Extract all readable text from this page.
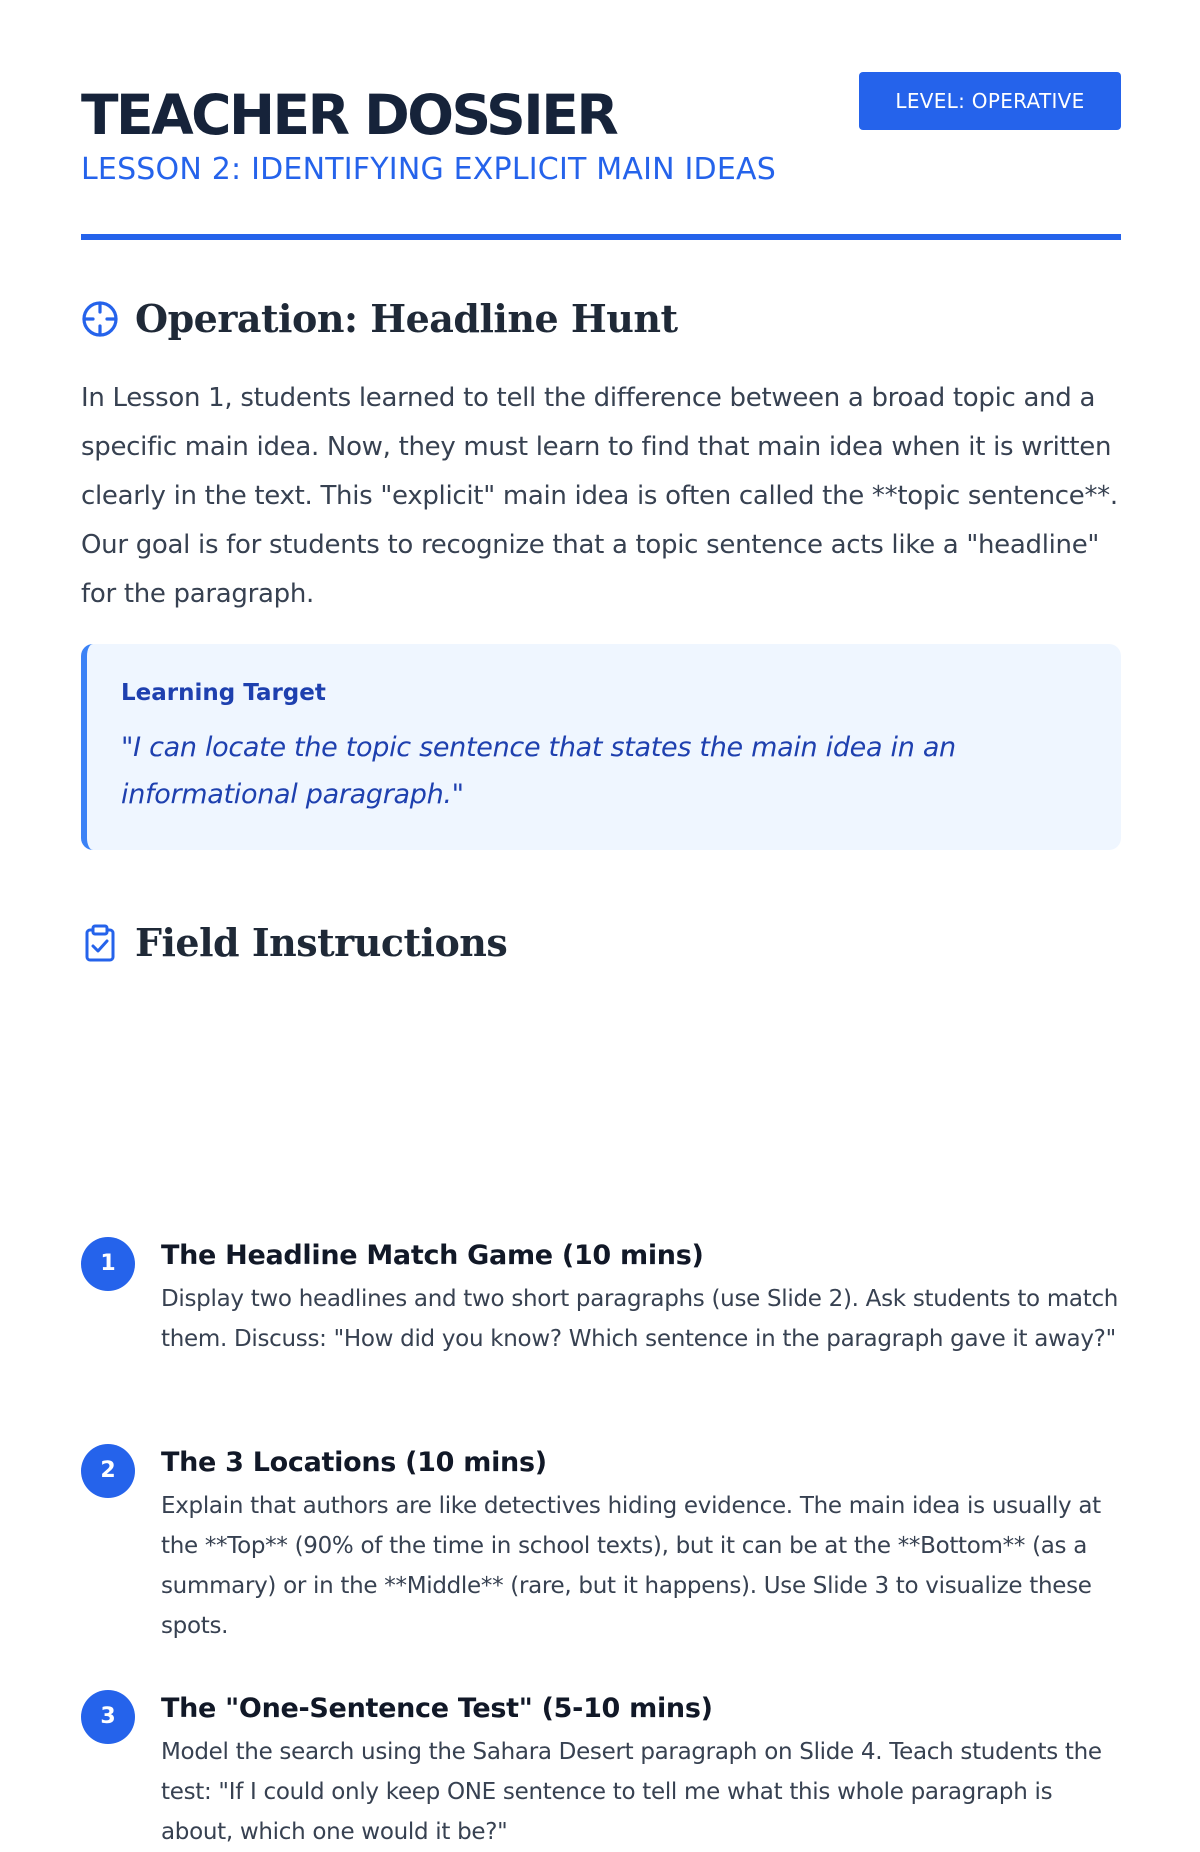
TEACHER DOSSIER
LESSON 2: IDENTIFYING EXPLICIT MAIN IDEAS
LEVEL: OPERATIVE
Operation: Headline Hunt

In Lesson 1, students learned to tell the difference between a broad topic and a specific main idea. Now, they must learn to find that main idea when it is written clearly in the text. This "explicit" main idea is often called the **topic sentence**. Our goal is for students to recognize that a topic sentence acts like a "headline" for the paragraph.

Learning Target
"I can locate the topic sentence that states the main idea in an informational paragraph."
Field Instructions
1	The Headline Match Game (10 mins)
Display two headlines and two short paragraphs (use Slide 2). Ask students to match them. Discuss: "How did you know? Which sentence in the paragraph gave it away?"
2	The 3 Locations (10 mins)
Explain that authors are like detectives hiding evidence. The main idea is usually at the **Top** (90% of the time in school texts), but it can be at the **Bottom** (as a summary) or in the **Middle** (rare, but it happens). Use Slide 3 to visualize these spots.
3	The "One-Sentence Test" (5-10 mins)
Model the search using the Sahara Desert paragraph on Slide 4. Teach students the test: "If I could only keep ONE sentence to tell me what this whole paragraph is about, which one would it be?"
